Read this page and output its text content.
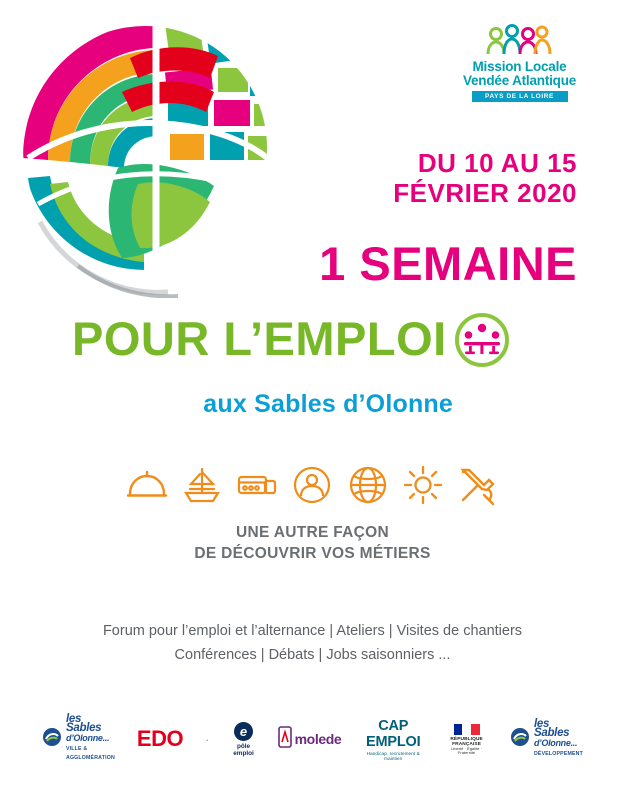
Mission Locale
Vendée Atlantique
PAYS DE LA LOIRE
DU 10 AU 15
FÉVRIER 2020
1 SEMAINE
POUR L’EMPLOI
aux Sables d’Olonne
UNE AUTRE FAÇON
DE DÉCOUVRIR VOS MÉTIERS
Forum pour l’emploi et l’alternance | Ateliers | Visites de chantiers
Conférences | Débats | Jobs saisonniers ...
les Sables
d’Olonne...
VILLE & AGGLOMÉRATION
EDO ·
e
pôle emploi
molede
CAP EMPLOI
Handicap, recrutement & maintien
RÉPUBLIQUE FRANÇAISE
Liberté · Égalité · Fraternité
les Sables
d’Olonne...
DÉVELOPPEMENT
